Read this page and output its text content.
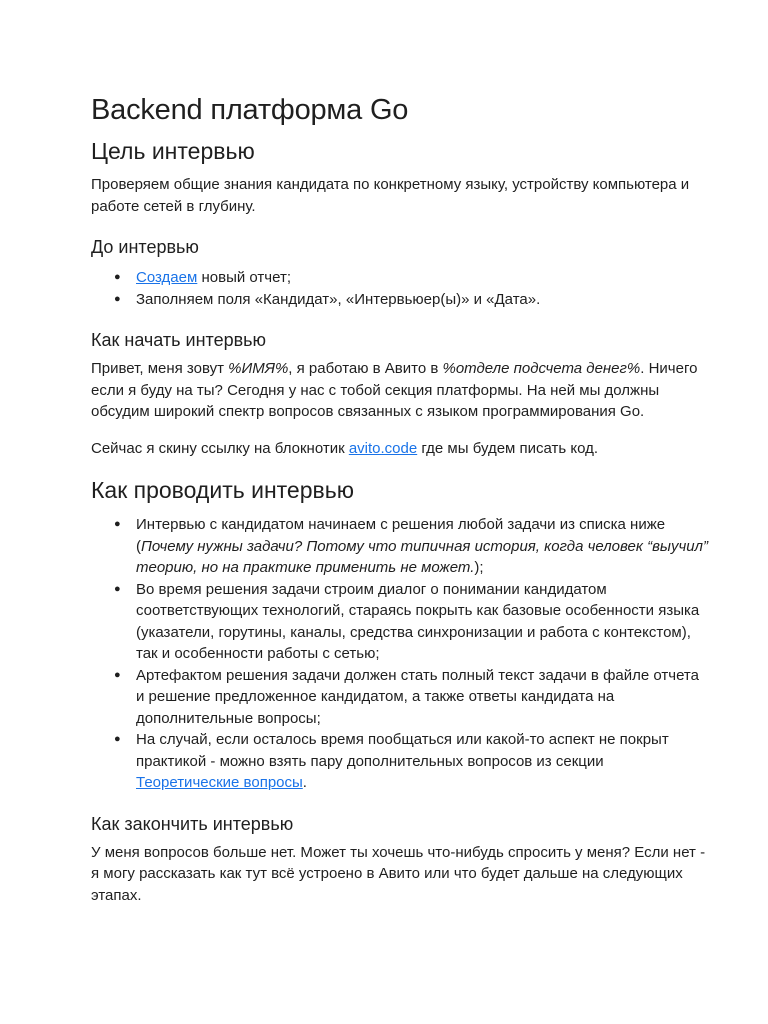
Backend платформа Go
Цель интервью

Проверяем общие знания кандидата по конкретному языку, устройству компьютера и работе сетей в глубину.

До интервью
● Создаем новый отчет;
● Заполняем поля «Кандидат», «Интервьюер(ы)» и «Дата».
Как начать интервью

Привет, меня зовут %ИМЯ%, я работаю в Авито в %отделе подсчета денег%. Ничего если я буду на ты? Сегодня у нас с тобой секция платформы. На ней мы должны обсудим широкий спектр вопросов связанных с языком программирования Go.

Сейчас я скину ссылку на блокнотик avito.code где мы будем писать код.

Как проводить интервью
● Интервью с кандидатом начинаем с решения любой задачи из списка ниже (Почему нужны задачи? Потому что типичная история, когда человек “выучил” теорию, но на практике применить не может.);
● Во время решения задачи строим диалог о понимании кандидатом соответствующих технологий, стараясь покрыть как базовые особенности языка (указатели, горутины, каналы, средства синхронизации и работа с контекстом), так и особенности работы с сетью;
● Артефактом решения задачи должен стать полный текст задачи в файле отчета и решение предложенное кандидатом, а также ответы кандидата на дополнительные вопросы;
● На случай, если осталось время пообщаться или какой-то аспект не покрыт практикой - можно взять пару дополнительных вопросов из секции Теоретические вопросы.
Как закончить интервью

У меня вопросов больше нет. Может ты хочешь что-нибудь спросить у меня? Если нет - я могу рассказать как тут всё устроено в Авито или что будет дальше на следующих этапах.
